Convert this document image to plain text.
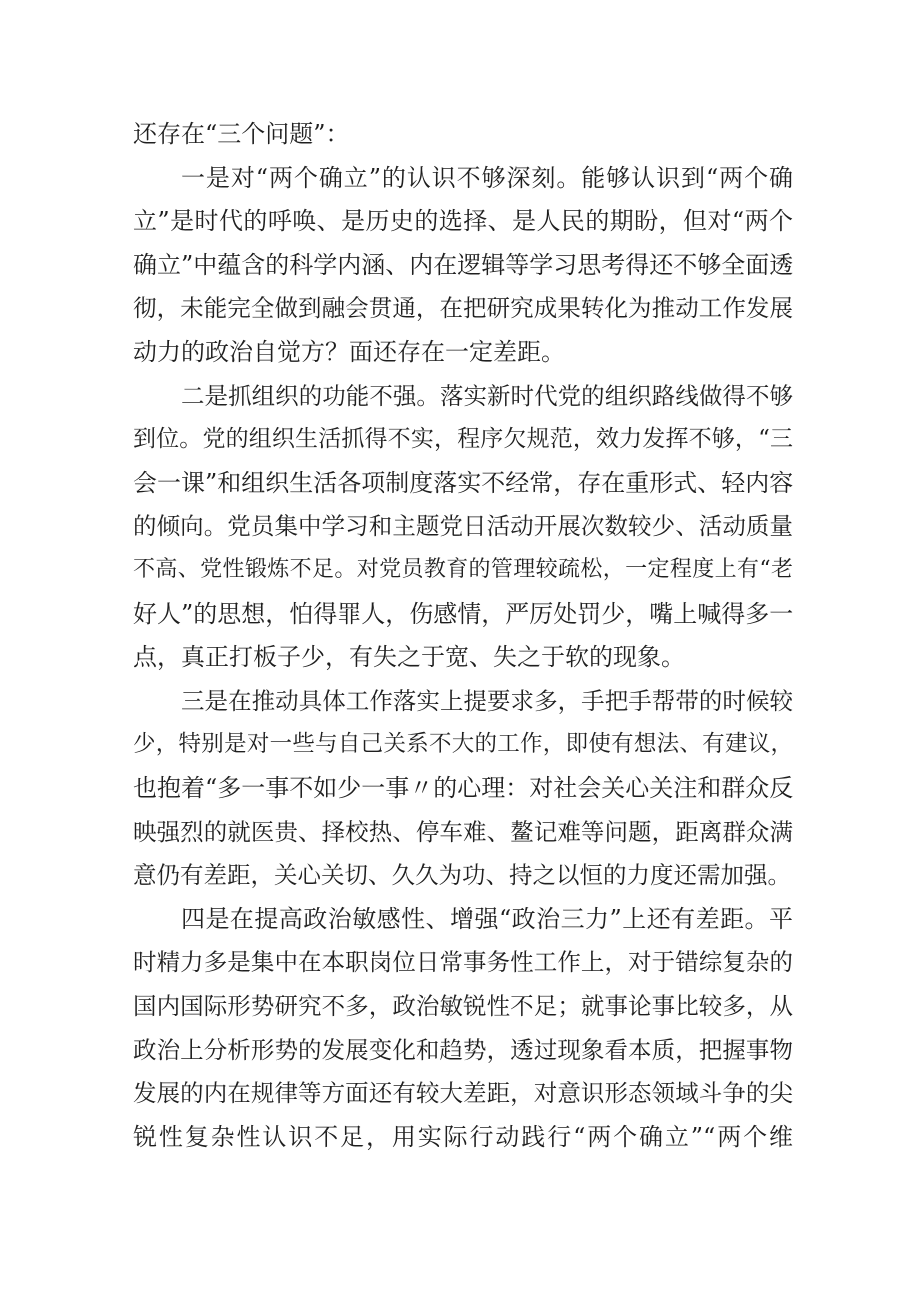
还存在“三个问题”：
一是对“两个确立”的认识不够深刻。能够认识到“两个确
立”是时代的呼唤、是历史的选择、是人民的期盼，但对“两个
确立”中蕴含的科学内涵、内在逻辑等学习思考得还不够全面透
彻，未能完全做到融会贯通，在把研究成果转化为推动工作发展
动力的政治自觉方？面还存在一定差距。
二是抓组织的功能不强。落实新时代党的组织路线做得不够
到位。党的组织生活抓得不实，程序欠规范，效力发挥不够，“三
会一课”和组织生活各项制度落实不经常，存在重形式、轻内容
的倾向。党员集中学习和主题党日活动开展次数较少、活动质量
不高、党性锻炼不足。对党员教育的管理较疏松，一定程度上有“老
好人”的思想，怕得罪人，伤感情，严厉处罚少，嘴上喊得多一
点，真正打板子少，有失之于宽、失之于软的现象。
三是在推动具体工作落实上提要求多，手把手帮带的时候较
少，特别是对一些与自己关系不大的工作，即使有想法、有建议，
也抱着“多一事不如少一事〃的心理：对社会关心关注和群众反
映强烈的就医贵、择校热、停车难、鳌记难等问题，距离群众满
意仍有差距，关心关切、久久为功、持之以恒的力度还需加强。
四是在提高政治敏感性、增强“政治三力”上还有差距。平
时精力多是集中在本职岗位日常事务性工作上，对于错综复杂的
国内国际形势研究不多，政治敏锐性不足；就事论事比较多，从
政治上分析形势的发展变化和趋势，透过现象看本质，把握事物
发展的内在规律等方面还有较大差距，对意识形态领域斗争的尖
锐性复杂性认识不足，用实际行动践行“两个确立”“两个维
